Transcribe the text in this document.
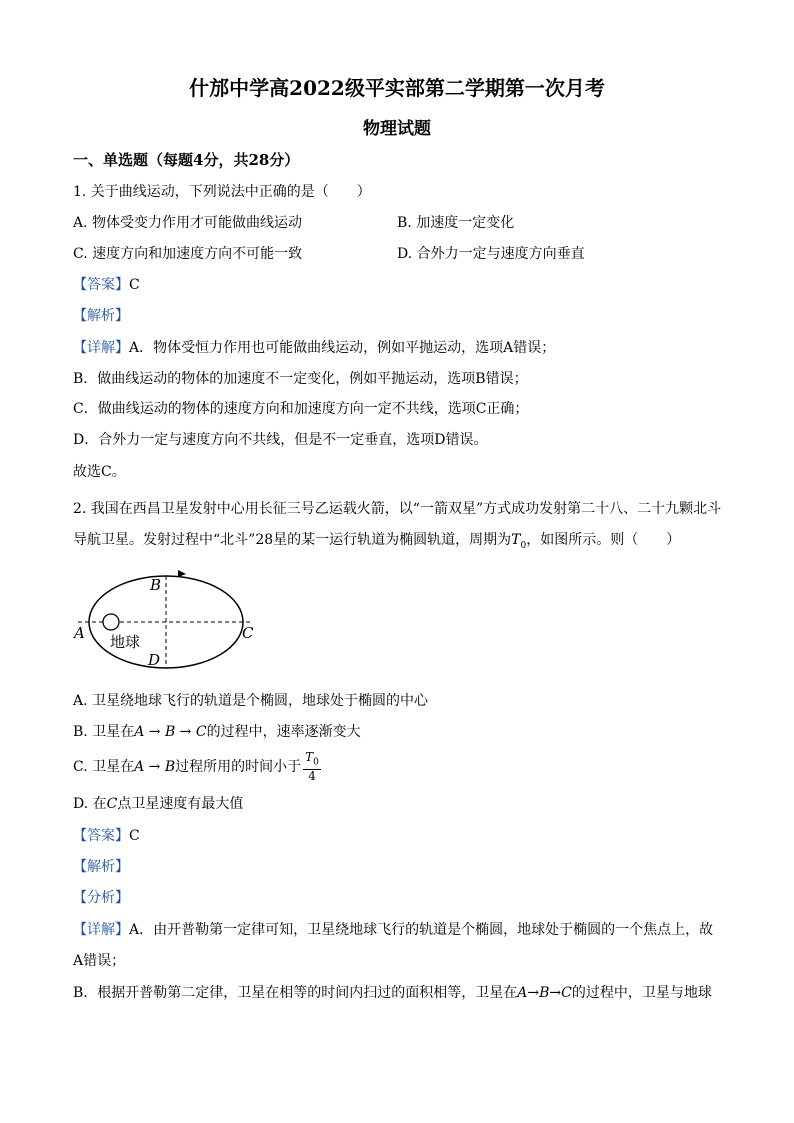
什邡中学高2022级平实部第二学期第一次月考
物理试题
一、单选题（每题4分，共28分）
1. 关于曲线运动，下列说法中正确的是（　　）
A. 物体受变力作用才可能做曲线运动	B. 加速度一定变化
C. 速度方向和加速度方向不可能一致	D. 合外力一定与速度方向垂直
【答案】C
【解析】
【详解】A．物体受恒力作用也可能做曲线运动，例如平抛运动，选项A错误；
B．做曲线运动的物体的加速度不一定变化，例如平抛运动，选项B错误；
C．做曲线运动的物体的速度方向和加速度方向一定不共线，选项C正确；
D．合外力一定与速度方向不共线，但是不一定垂直，选项D错误。
故选C。
2. 我国在西昌卫星发射中心用长征三号乙运载火箭，以“一箭双星”方式成功发射第二十八、二十九颗北斗
导航卫星。发射过程中“北斗”28星的某一运行轨道为椭圆轨道，周期为$T_0$，如图所示。则（　　）
A
B
C
D
地球
A. 卫星绕地球飞行的轨道是个椭圆，地球处于椭圆的中心
B. 卫星在A → B → C的过程中，速率逐渐变大
C. 卫星在A → B过程所用的时间小于 $\frac{T_0}{4}$
D. 在C点卫星速度有最大值
【答案】C
【解析】
【分析】
【详解】A．由开普勒第一定律可知，卫星绕地球飞行的轨道是个椭圆，地球处于椭圆的一个焦点上，故
A错误；
B．根据开普勒第二定律，卫星在相等的时间内扫过的面积相等，卫星在A→B→C的过程中，卫星与地球
